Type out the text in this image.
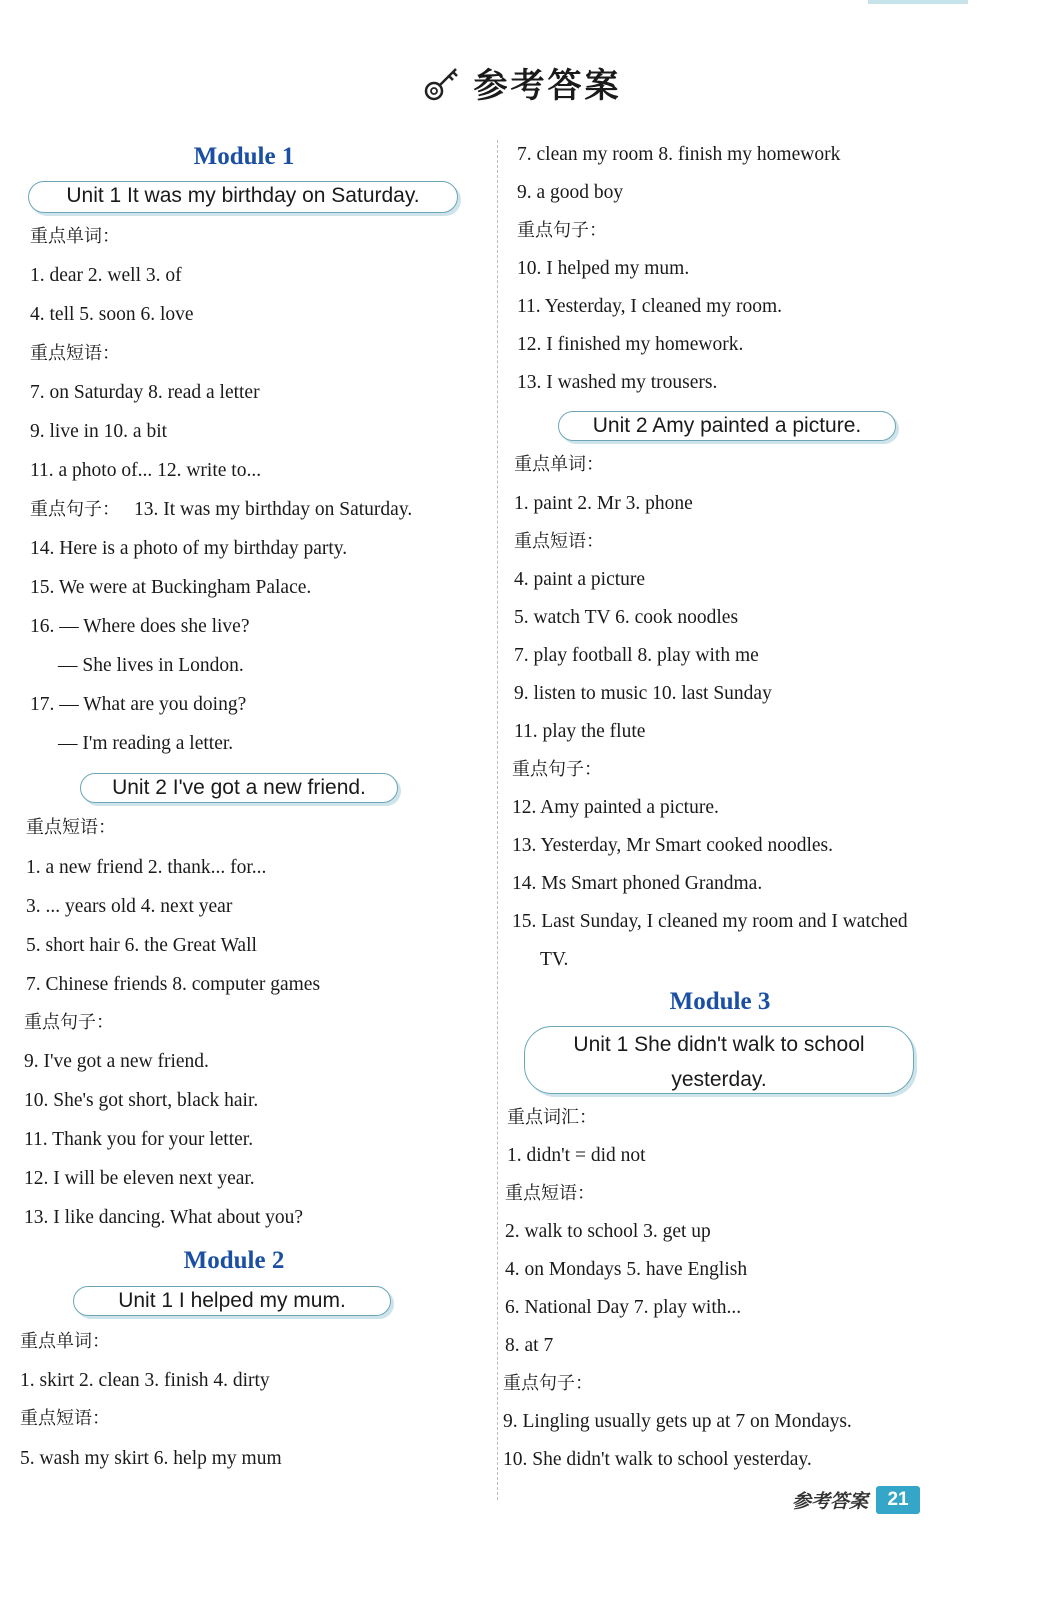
参考答案
Module 1
Unit 1 It was my birthday on Saturday.
重点单词：
1. dear 2. well 3. of
4. tell 5. soon 6. love
重点短语：
7. on Saturday 8. read a letter
9. live in 10. a bit
11. a photo of... 12. write to...
重点句子： 13. It was my birthday on Saturday.
14. Here is a photo of my birthday party.
15. We were at Buckingham Palace.
16. — Where does she live?
— She lives in London.
17. — What are you doing?
— I'm reading a letter.
Unit 2 I've got a new friend.
重点短语：
1. a new friend 2. thank... for...
3. ... years old 4. next year
5. short hair 6. the Great Wall
7. Chinese friends 8. computer games
重点句子：
9. I've got a new friend.
10. She's got short, black hair.
11. Thank you for your letter.
12. I will be eleven next year.
13. I like dancing. What about you?
Module 2
Unit 1 I helped my mum.
重点单词：
1. skirt 2. clean 3. finish 4. dirty
重点短语：
5. wash my skirt 6. help my mum
7. clean my room 8. finish my homework
9. a good boy
重点句子：
10. I helped my mum.
11. Yesterday, I cleaned my room.
12. I finished my homework.
13. I washed my trousers.
Unit 2 Amy painted a picture.
重点单词：
1. paint 2. Mr 3. phone
重点短语：
4. paint a picture
5. watch TV 6. cook noodles
7. play football 8. play with me
9. listen to music 10. last Sunday
11. play the flute
重点句子：
12. Amy painted a picture.
13. Yesterday, Mr Smart cooked noodles.
14. Ms Smart phoned Grandma.
15. Last Sunday, I cleaned my room and I watched
TV.
Module 3
Unit 1 She didn't walk to school
yesterday.
重点词汇：
1. didn't = did not
重点短语：
2. walk to school 3. get up
4. on Mondays 5. have English
6. National Day 7. play with...
8. at 7
重点句子：
9. Lingling usually gets up at 7 on Mondays.
10. She didn't walk to school yesterday.
参考答案 21
